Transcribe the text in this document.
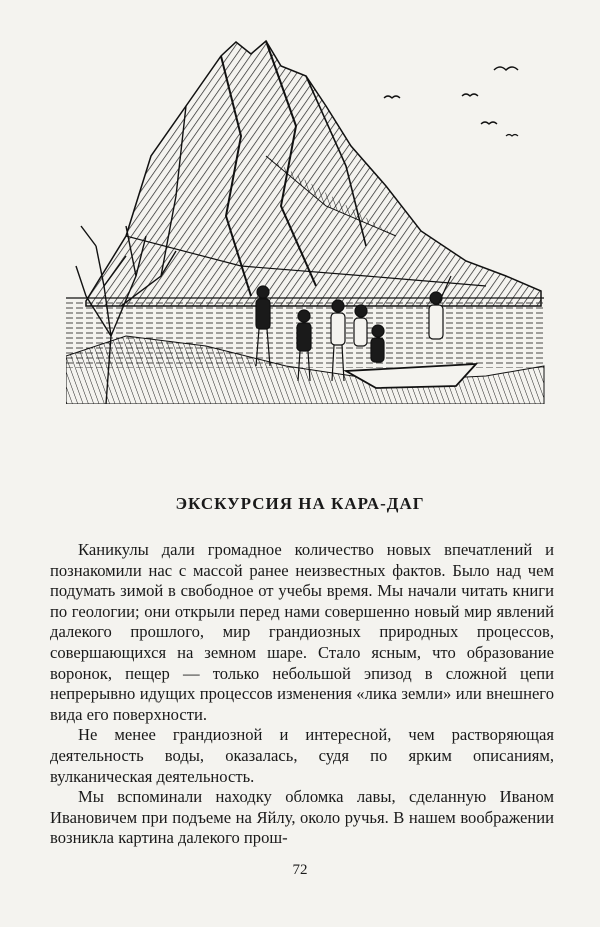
ЭКСКУРСИЯ НА КАРА-ДАГ

Каникулы дали громадное количество новых впечатлений и познакомили нас с массой ранее неизвестных фактов. Было над чем подумать зимой в свободное от учебы время. Мы начали читать книги по геологии; они открыли перед нами совершенно новый мир явлений далекого прошлого, мир грандиозных природных процессов, совершающихся на земном шаре. Стало ясным, что образование воронок, пещер — только небольшой эпизод в сложной цепи непрерывно идущих процессов изменения «лика земли» или внешнего вида его поверхности.

Не менее грандиозной и интересной, чем растворяющая деятельность воды, оказалась, судя по ярким описаниям, вулканическая деятельность.

Мы вспоминали находку обломка лавы, сделанную Иваном Ивановичем при подъеме на Яйлу, около ручья. В нашем воображении возникла картина далекого прош-

72
